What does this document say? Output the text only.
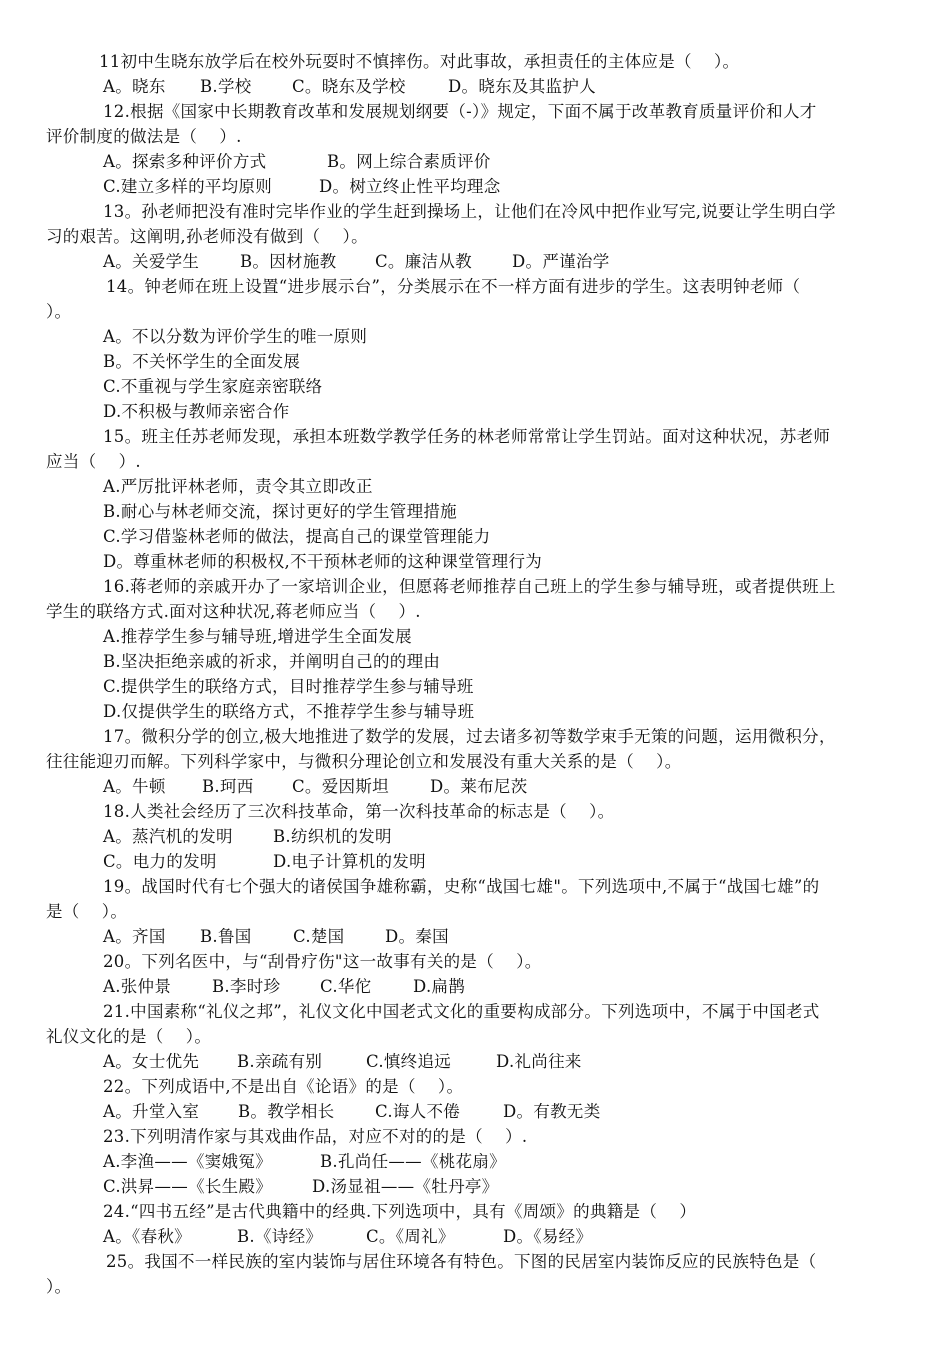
11初中生晓东放学后在校外玩耍时不慎摔伤。对此事故，承担责任的主体应是（    ）。

A。晓东

B.学校

C。晓东及学校

	D。晓东及其监护人

12.根据《国家中长期教育改革和发展规划纲要（-）》规定，下面不属于改革教育质量评价和人才
评价制度的做法是（    ）.

A。探索多种评价方式

	B。网上综合素质评价

C.建立多样的平均原则

	D。树立终止性平均理念

13。孙老师把没有准时完毕作业的学生赶到操场上，让他们在冷风中把作业写完,说要让学生明白学
习的艰苦。这阐明,孙老师没有做到（    ）。

A。关爱学生

B。因材施教

C。廉洁从教

D。严谨治学

14。钟老师在班上设置“进步展示台”，分类展示在不一样方面有进步的学生。这表明钟老师（
）。
A。不以分数为评价学生的唯一原则
B。不关怀学生的全面发展
C.不重视与学生家庭亲密联络
D.不积极与教师亲密合作
15。班主任苏老师发现，承担本班数学教学任务的林老师常常让学生罚站。面对这种状况，苏老师
应当（    ）.
A.严厉批评林老师，责令其立即改正
B.耐心与林老师交流，探讨更好的学生管理措施
C.学习借鉴林老师的做法，提高自己的课堂管理能力
D。尊重林老师的积极权,不干预林老师的这种课堂管理行为
16.蒋老师的亲戚开办了一家培训企业，但愿蒋老师推荐自己班上的学生参与辅导班，或者提供班上
学生的联络方式.面对这种状况,蒋老师应当（    ）.
A.推荐学生参与辅导班,增进学生全面发展
B.坚决拒绝亲戚的祈求，并阐明自己的的理由
C.提供学生的联络方式，目时推荐学生参与辅导班
D.仅提供学生的联络方式，不推荐学生参与辅导班
17。微积分学的创立,极大地推进了数学的发展，过去诸多初等数学束手无策的问题，运用微积分，
往往能迎刃而解。下列科学家中，与微积分理论创立和发展没有重大关系的是（    ）。

A。牛顿

B.珂西

C。爱因斯坦

D。莱布尼茨

18.人类社会经历了三次科技革命，第一次科技革命的标志是（    ）。

A。蒸汽机的发明

B.纺织机的发明

C。电力的发明

	D.电子计算机的发明

19。战国时代有七个强大的诸侯国争雄称霸，史称“战国七雄"。下列选项中,不属于“战国七雄”的
是（    ）。

A。齐国

B.鲁国

	C.楚国

D。秦国

20。下列名医中，与“刮骨疗伤"这一故事有关的是（    ）。

A.张仲景

B.李时珍

C.华佗

	D.扁鹊

21.中国素称“礼仪之邦”，礼仪文化中国老式文化的重要构成部分。下列选项中，不属于中国老式
礼仪文化的是（    ）。

A。女士优先

B.亲疏有别

	C.慎终追远

	D.礼尚往来

22。下列成语中,不是出自《论语》的是（    ）。

A。升堂入室

B。教学相长

C.诲人不倦

	D。有教无类

23.下列明清作家与其戏曲作品，对应不对的的是（    ）.

A.李渔——《窦娥冤》

	B.孔尚任——《桃花扇》

C.洪昇——《长生殿》

D.汤显祖——《牡丹亭》

24.“四书五经”是古代典籍中的经典.下列选项中，具有《周颂》的典籍是（    ）

A。《春秋》

	B.《诗经》

	C。《周礼》

	D。《易经》

25。我国不一样民族的室内装饰与居住环境各有特色。下图的民居室内装饰反应的民族特色是（
）。
